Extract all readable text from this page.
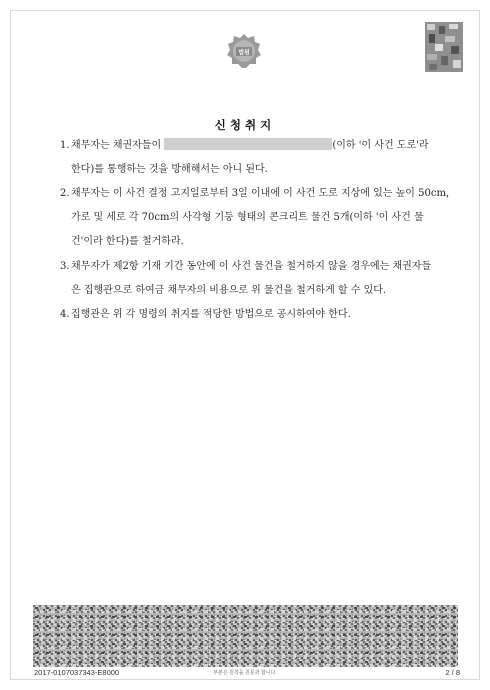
법원
신청취지
1. 채무자는 채권자들이	(이하 '이 사건 도로'라
한다)를 통행하는 것을 방해해서는 아니 된다.
2. 채무자는 이 사건 결정 고지일로부터 3일 이내에 이 사건 도로 지상에 있는 높이 50cm,
가로 및 세로 각 70cm의 사각형 기둥 형태의 콘크리트 물건 5개(이하 '이 사건 물
건'이라 한다)를 철거하라.
3. 채무자가 제2항 기재 기간 동안에 이 사건 물건을 철거하지 않을 경우에는 채권자들
은 집행관으로 하여금 채무자의 비용으로 위 물건을 철거하게 할 수 있다.
4. 집행관은 위 각 명령의 취지를 적당한 방법으로 공시하여야 한다.
2017-0107037343-E8000	부본은 원칙을 원문과 합니다.	2 / 8
